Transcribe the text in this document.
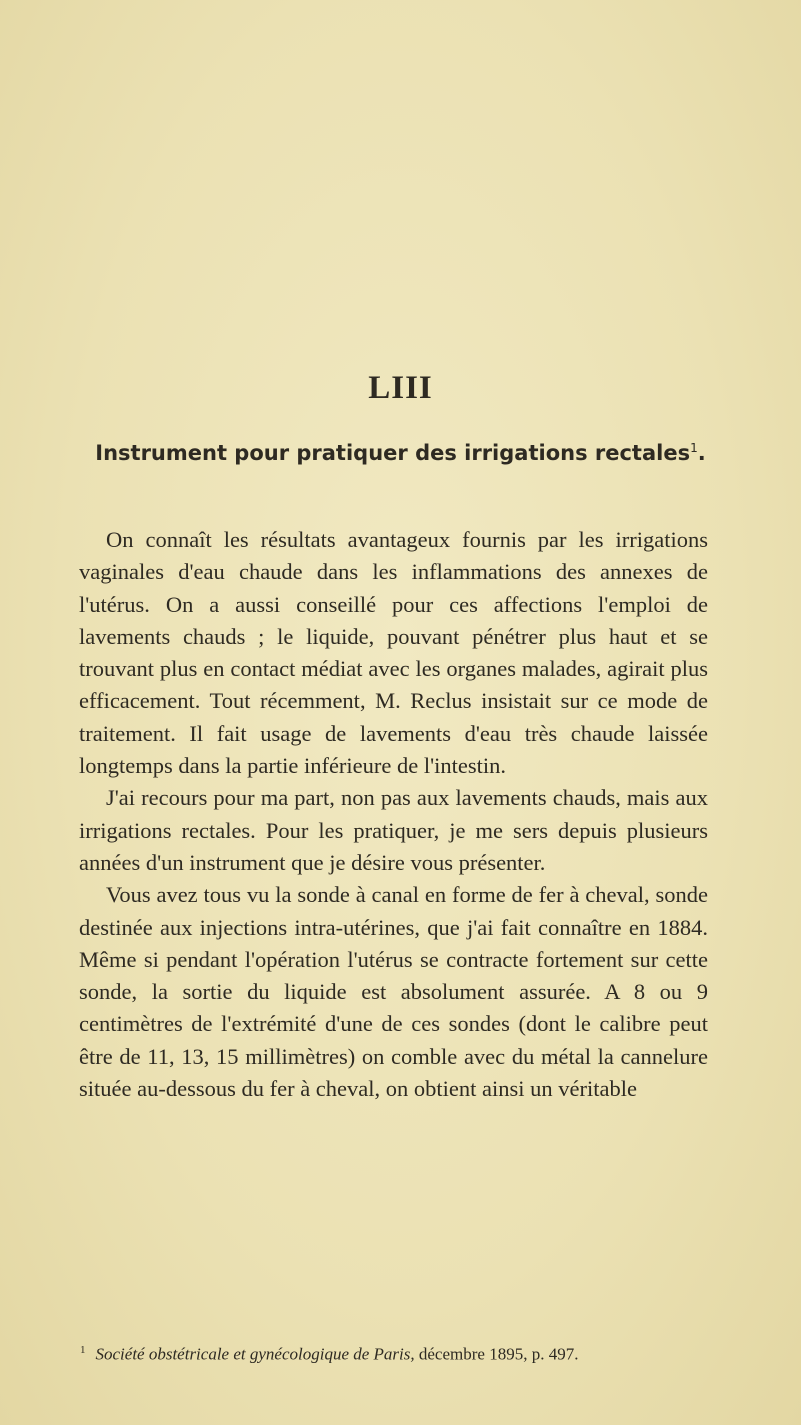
LIII
Instrument pour pratiquer des irrigations rectales$^1$.

On connaît les résultats avantageux fournis par les irrigations vaginales d'eau chaude dans les inflammations des annexes de l'utérus. On a aussi conseillé pour ces affections l'emploi de lavements chauds ; le liquide, pouvant pénétrer plus haut et se trouvant plus en contact médiat avec les organes malades, agirait plus efficacement. Tout récemment, M. Reclus insistait sur ce mode de traitement. Il fait usage de lavements d'eau très chaude laissée longtemps dans la partie inférieure de l'intestin.

J'ai recours pour ma part, non pas aux lavements chauds, mais aux irrigations rectales. Pour les pratiquer, je me sers depuis plusieurs années d'un instrument que je désire vous présenter.

Vous avez tous vu la sonde à canal en forme de fer à cheval, sonde destinée aux injections intra-utérines, que j'ai fait connaître en 1884. Même si pendant l'opération l'utérus se contracte fortement sur cette sonde, la sortie du liquide est absolument assurée. A 8 ou 9 centimètres de l'extrémité d'une de ces sondes (dont le calibre peut être de 11, 13, 15 millimètres) on comble avec du métal la cannelure située au-dessous du fer à cheval, on obtient ainsi un véritable

$^1$ Société obstétricale et gynécologique de Paris, décembre 1895, p. 497.
